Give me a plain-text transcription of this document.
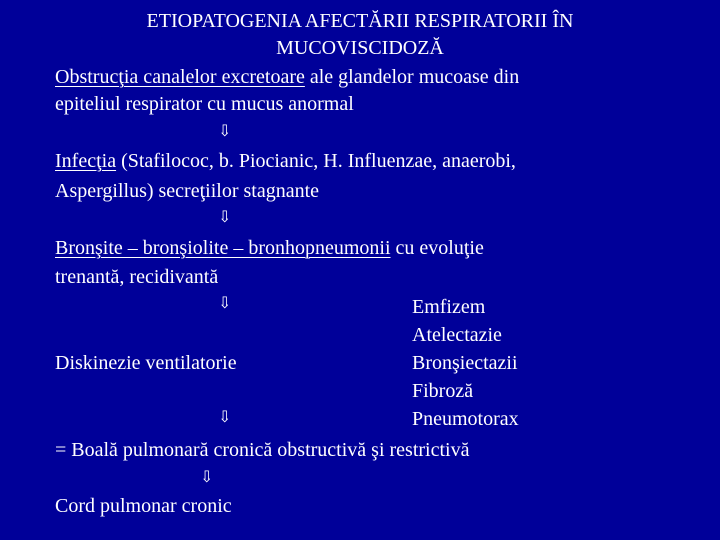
ETIOPATOGENIA AFECTĂRII RESPIRATORII ÎN
MUCOVISCIDOZĂ
Obstrucţia canalelor excretoare ale glandelor mucoase din
epiteliul respirator cu mucus anormal
⇩
Infecţia (Stafilococ, b. Piocianic, H. Influenzae, anaerobi,
Aspergillus) secreţiilor stagnante
⇩
Bronşite – bronşiolite – bronhopneumonii cu evoluţie
trenantă, recidivantă
⇩	Emfizem
Atelectazie
Diskinezie ventilatorie	Bronşiectazii
Fibroză
⇩	Pneumotorax
= Boală pulmonară cronică obstructivă şi restrictivă
⇩
Cord pulmonar cronic
